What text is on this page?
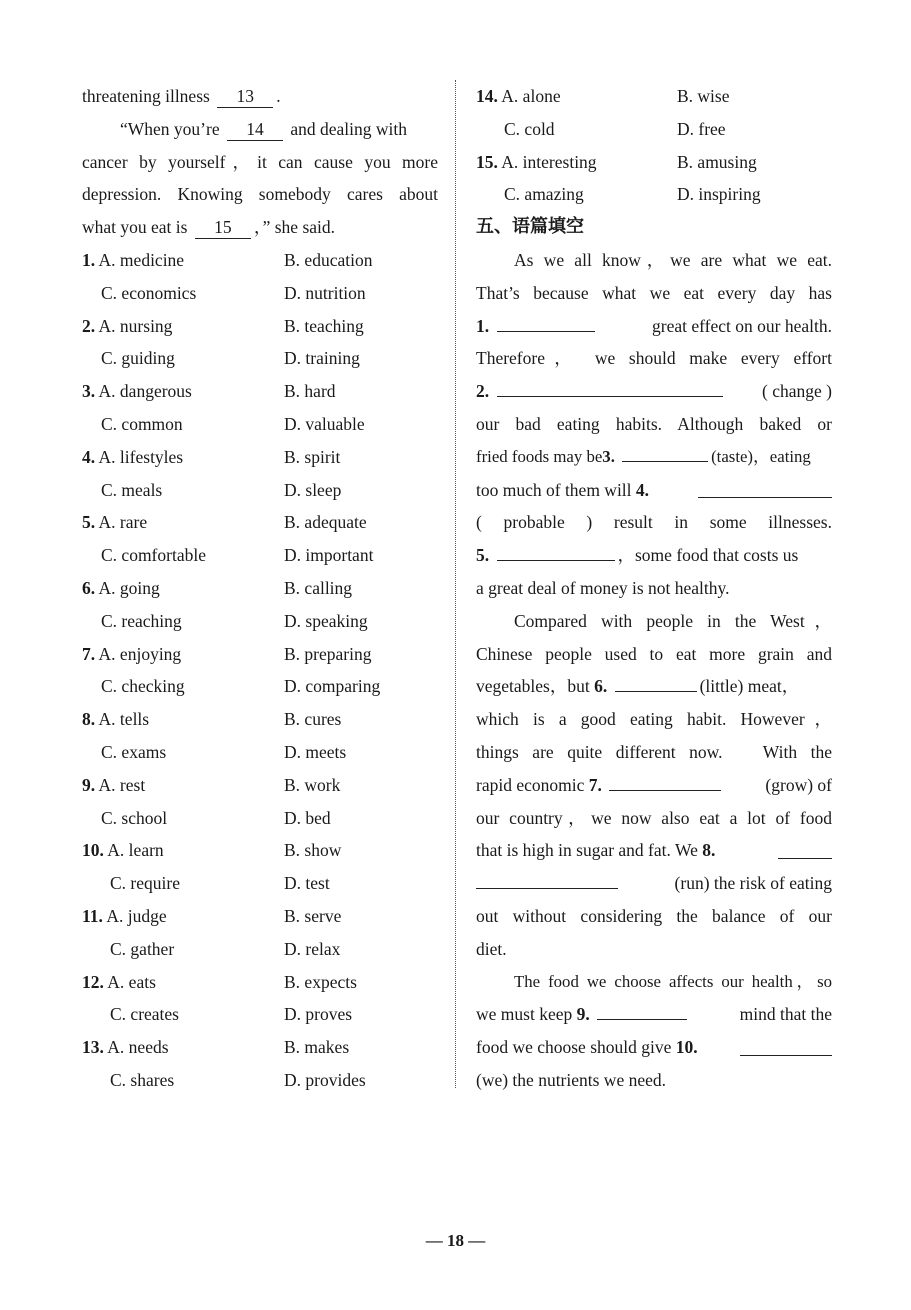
threatening illness 13 .
“When you’re 14 and dealing with
cancer by yourself，it can cause you more
depression. Knowing somebody cares about
what you eat is 15 ，” she said.
1. A. medicine	B. education
C. economics	D. nutrition
2. A. nursing	B. teaching
C. guiding	D. training
3. A. dangerous	B. hard
C. common	D. valuable
4. A. lifestyles	B. spirit
C. meals	D. sleep
5. A. rare	B. adequate
C. comfortable	D. important
6. A. going	B. calling
C. reaching	D. speaking
7. A. enjoying	B. preparing
C. checking	D. comparing
8. A. tells	B. cures
C. exams	D. meets
9. A. rest	B. work
C. school	D. bed
10. A. learn	B. show
C. require	D. test
11. A. judge	B. serve
C. gather	D. relax
12. A. eats	B. expects
C. creates	D. proves
13. A. needs	B. makes
C. shares	D. provides
14. A. alone	B. wise
C. cold	D. free
15. A. interesting	B. amusing
C. amazing	D. inspiring
五、语篇填空
As we all know，we are what we eat.
That’s because what we eat every day has
1.	great effect on our health.
Therefore， we should make every effort
2.	( change )
our bad eating habits. Although baked or
fried foods may be3.	(taste)，eating
too much of them will 4.
( probable ) result in some illnesses.
5.	，some food that costs us
a great deal of money is not healthy.
Compared with people in the West，
Chinese people used to eat more grain and
vegetables，but 6.	(little) meat，
which is a good eating habit. However，
things are quite different now.   With the
rapid economic 7.	(grow) of
our country，we now also eat a lot of food
that is high in sugar and fat. We 8.
(run) the risk of eating
out without considering the balance of our
diet.
The food we choose affects our health，so
we must keep 9.	mind that the
food we choose should give 10.
(we) the nutrients we need.
— 18 —
